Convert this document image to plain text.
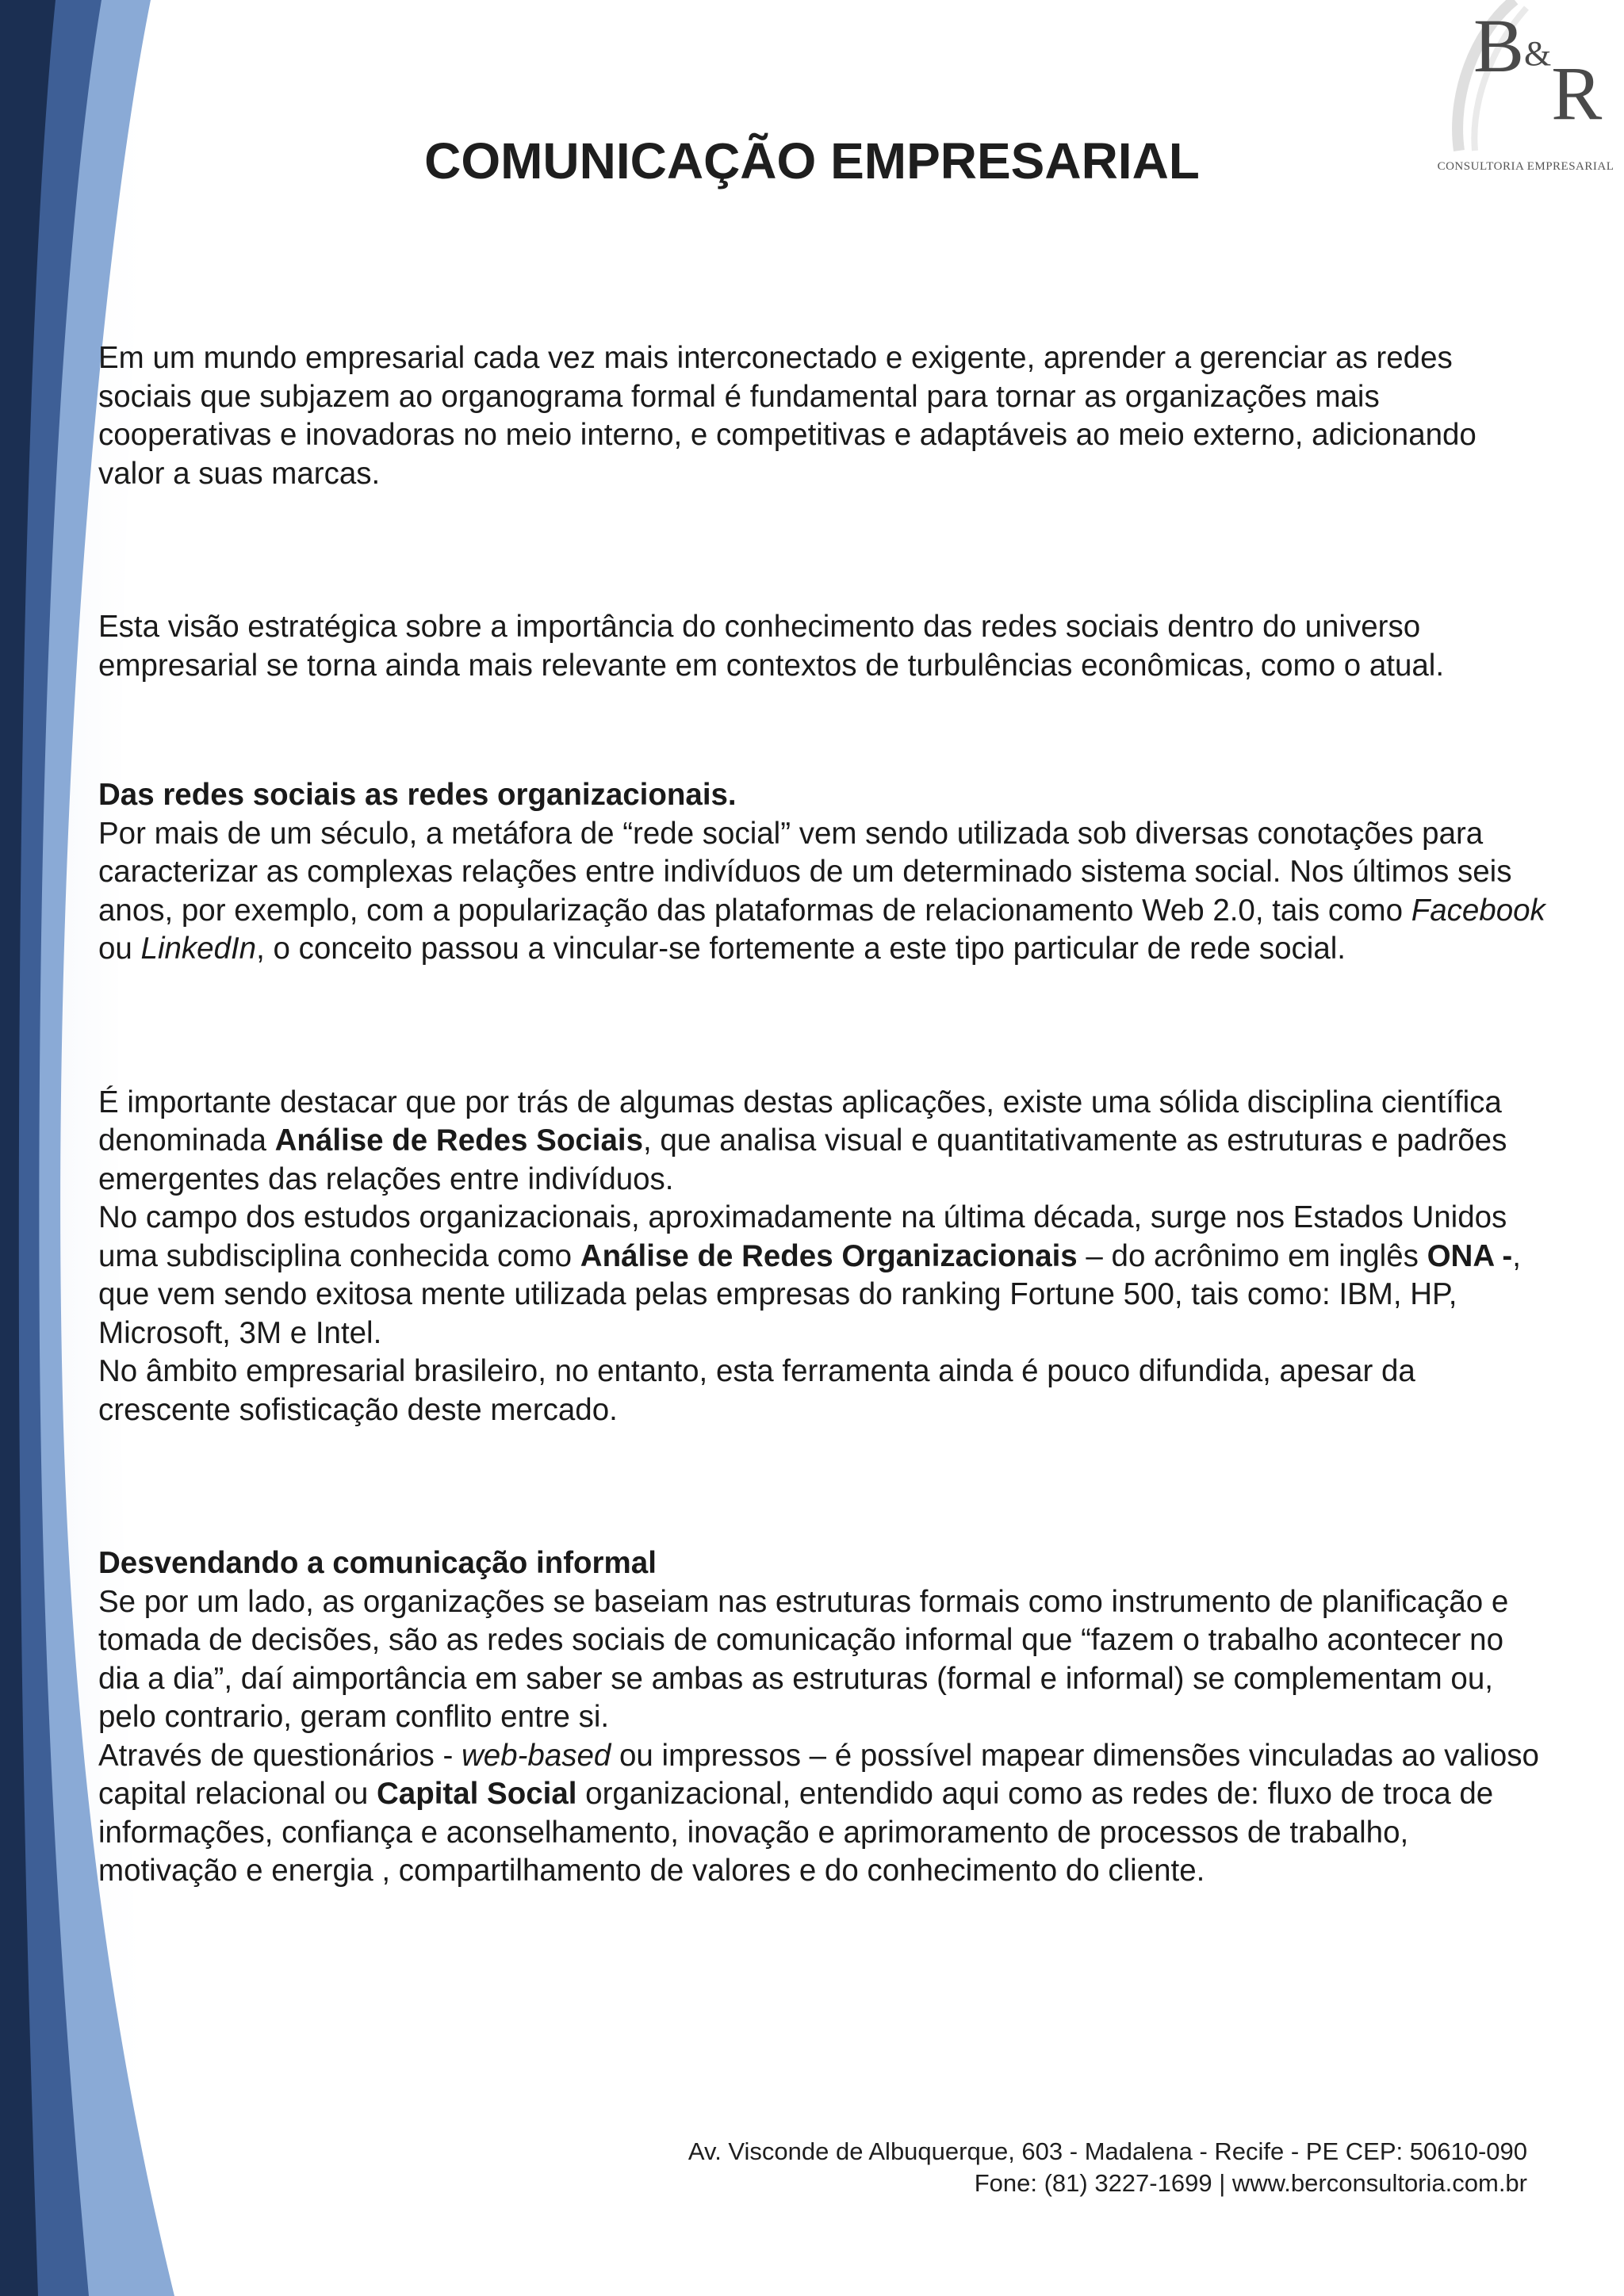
B&R
CONSULTORIA EMPRESARIAL
COMUNICAÇÃO EMPRESARIAL

Em um mundo empresarial cada vez mais interconectado e exigente, aprender a gerenciar as redes sociais que subjazem ao organograma formal é fundamental para tornar as organizações mais cooperativas e inovadoras no meio interno, e competitivas e adaptáveis ao meio externo, adicionando valor a suas marcas.

Esta visão estratégica sobre a importância do conhecimento das redes sociais dentro do universo empresarial se torna ainda mais relevante em contextos de turbulências econômicas, como o atual.

Das redes sociais as redes organizacionais.

Por mais de um século, a metáfora de “rede social” vem sendo utilizada sob diversas conotações para caracterizar as complexas relações entre indivíduos de um determinado sistema social. Nos últimos seis anos, por exemplo, com a popularização das plataformas de relacionamento Web 2.0, tais como Facebook ou LinkedIn, o conceito passou a vincular-se fortemente a este tipo particular de rede social.

É importante destacar que por trás de algumas destas aplicações, existe uma sólida disciplina científica denominada Análise de Redes Sociais, que analisa visual e quantitativamente as estruturas e padrões emergentes das relações entre indivíduos.

No campo dos estudos organizacionais, aproximadamente na última década, surge nos Estados Unidos uma subdisciplina conhecida como Análise de Redes Organizacionais – do acrônimo em inglês ONA -, que vem sendo exitosa mente utilizada pelas empresas do ranking Fortune 500, tais como: IBM, HP, Microsoft, 3M e Intel.

No âmbito empresarial brasileiro, no entanto, esta ferramenta ainda é pouco difundida, apesar da crescente sofisticação deste mercado.

Desvendando a comunicação informal

Se por um lado, as organizações se baseiam nas estruturas formais como instrumento de planificação e tomada de decisões, são as redes sociais de comunicação informal que “fazem o trabalho acontecer no dia a dia”, daí aimportância em saber se ambas as estruturas (formal e informal) se complementam ou, pelo contrario, geram conflito entre si.

Através de questionários - web-based ou impressos – é possível mapear dimensões vinculadas ao valioso capital relacional ou Capital Social organizacional, entendido aqui como as redes de: fluxo de troca de informações, confiança e aconselhamento, inovação e aprimoramento de processos de trabalho, motivação e energia , compartilhamento de valores e do conhecimento do cliente.

Av. Visconde de Albuquerque, 603 - Madalena - Recife - PE CEP: 50610-090
Fone: (81) 3227-1699 | www.berconsultoria.com.br
